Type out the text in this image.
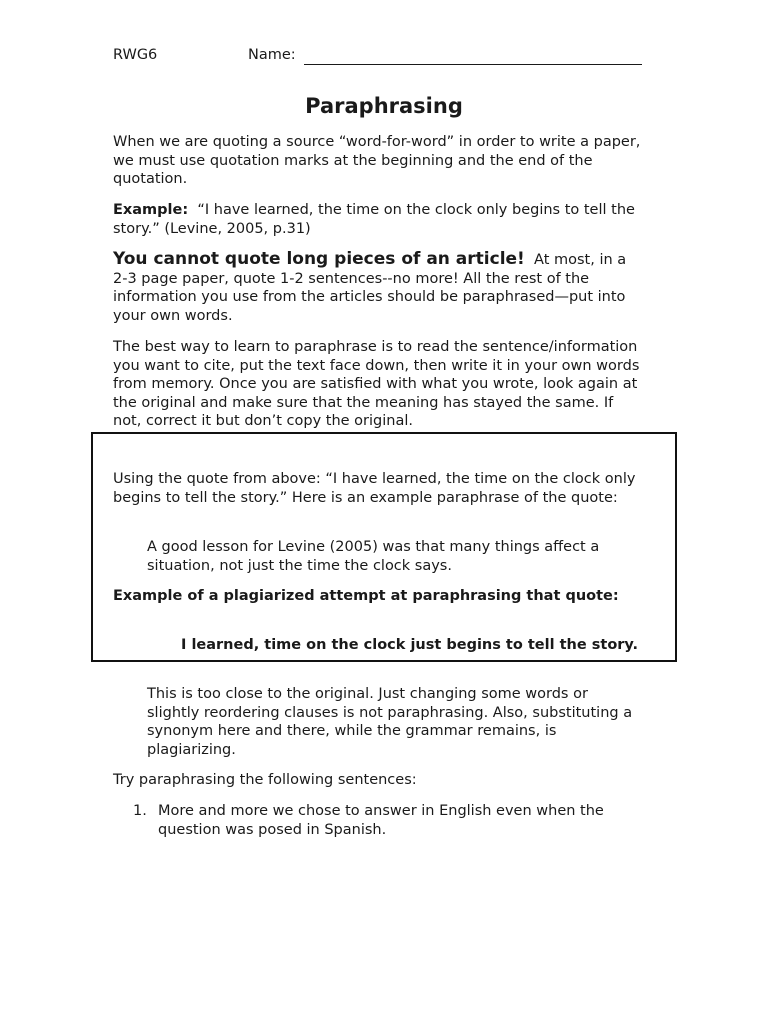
RWG6	Name:
Paraphrasing

When we are quoting a source “word-for-word” in order to write a paper, we must use quotation marks at the beginning and the end of the quotation.

Example: “I have learned, the time on the clock only begins to tell the story.” (Levine, 2005, p.31)

You cannot quote long pieces of an article! At most, in a 2-3 page paper, quote 1-2 sentences--no more! All the rest of the information you use from the articles should be paraphrased—put into your own words.

The best way to learn to paraphrase is to read the sentence/information you want to cite, put the text face down, then write it in your own words from memory. Once you are satisfied with what you wrote, look again at the original and make sure that the meaning has stayed the same. If not, correct it but don’t copy the original.

Using the quote from above: “I have learned, the time on the clock only begins to tell the story.” Here is an example paraphrase of the quote:

A good lesson for Levine (2005) was that many things affect a situation, not just the time the clock says.

Example of a plagiarized attempt at paraphrasing that quote:

I learned, time on the clock just begins to tell the story.

This is too close to the original. Just changing some words or slightly reordering clauses is not paraphrasing. Also, substituting a synonym here and there, while the grammar remains, is plagiarizing.

Try paraphrasing the following sentences:

1. More and more we chose to answer in English even when the question was posed in Spanish.
